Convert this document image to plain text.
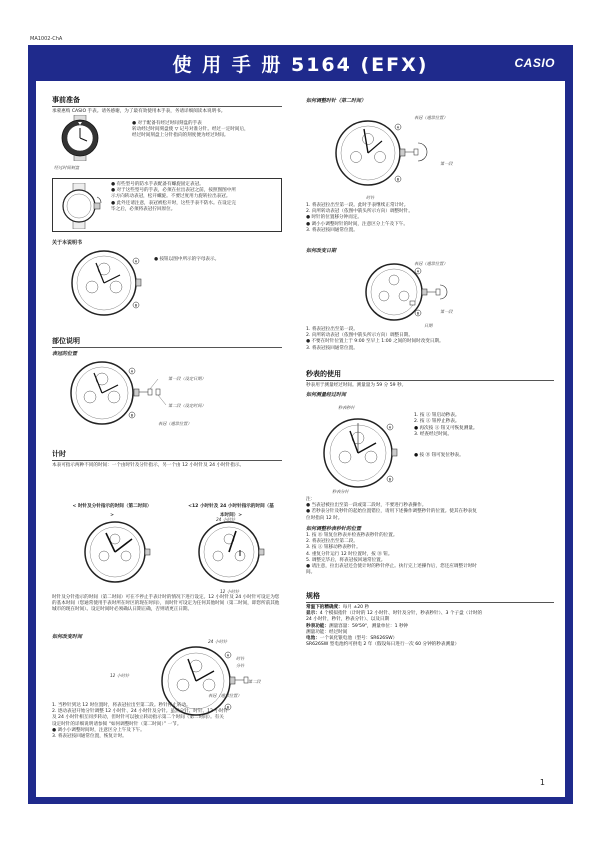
MA1002-ChA
使 用 手 册 5164 (EFX)	CASIO
事前准备
承蒙惠购 CASIO 手表。请务感谢，为了最有效使用本手表，务请详细阅读本说明书。
经过时间刻盘
● 对于配备有经过时间刻盘的手表
转动经过时间刻盘使 ▽ 记号对准分针。经过一定时间后，
经过时间刻盘上分针指向的刻度便为经过时间。
● 有些型号的防水手表配备有螺旋固定表冠。
● 对于这些型号的手表，必须在拉出表冠之前，按照图图中所
示方向转动表冠，松开螺旋。不要过度用力旋转拉出表冠。
● 此外还请注意，表冠被松开时，这些手表不防水。在设定完
毕之后，必须将表冠拧回原位。
关于本说明书
A
B
● 按钮以图中所示的字母表示。
部位说明
表冠的位置
A
B
第一段（设定日期）
第二段（设定时间）
表冠（通常位置）
计时
本表可指示两种不同的时间：一个由时针及分针指示，另一个由 12 小时针及 24 小时针指示。
< 时针及分针指示的时间（第二时间）>
<12 小时针及 24 小时针指示的时间（基本时间）>
24 小时针
12 小时针
时针及分针指示的时间（第二时间）可在不停止手表计时的情况下进行设定。12 小时针及 24 小时针可设定为您的基本时间（您通常使用手表时所在时区的现在时间），而时针可设定为任何其他时间（第二时间，即您所前其他城市的现在时间）。设定时间时必须确认日期正确，否则请更正日期。
如何改变时间
A
B
24 小时针
时针
分针
12 小时针
第二段
表冠（通常位置）
1. 当秒针到达 12 时位置时，将表冠拉出至第二段。秒针停止转动。
2. 逐动表冠开始分针调整 12 小时针、24 小时针及分针。虽然分针、时针、12 小时针
及 24 小时针相互同步转动，但时针可以独立转动指示第二个时间（第二时间）。有关
设定时针的详细说明请参阅 “如何调整时针（第二时间）” 一节。
● 调小小调整时间时，注意区分上午及下午。
3. 将表冠按回通常位置，恢复计时。
如何调整时针（第二时间）
A
B
表冠（通常位置）
第一段
时针
1. 将表冠拉出至第一段。此时手表继续正常计时。
2. 向所转动表冠（依图中箭头所示方向）调整时针。
● 时针的位置移分钟而定。
● 调小小调整时针的时间，注意区分上午及下午。
3. 将表冠按回通常位置。
如何改变日期
A
B
表冠（通常位置）
第一段
日期
1. 将表冠拉出至第一段。
2. 向所转动表冠（依图中箭头所示方向）调整日期。
● 不要在时针位置上于 9:00 至早上 1:00 之间的时间时改变日期。
3. 将表冠按回通常位置。
秒表的使用
秒表用于测量经过时间。测量量为 59 分 59 秒。
如何测量经过时间
秒表秒针
A
B
秒表分针
1. 按 Ⓐ 钮启动秒表。
2. 按 Ⓐ 钮停止秒表。
● 再次按 Ⓐ 钮又可恢复测量。
3. 经查经过时间。
● 按 Ⓑ 钮可复位秒表。
注：
● 当表冠被拉出至第一段或第二段时，不要进行秒表操作。
● 若秒表分针及秒针的起始位置错位，请用下述操作调整秒针的位置。使其在秒表复
位时指向 12 时。
如何调整秒表秒针的位置
1. 按 Ⓑ 钮复位秒表并检查秒表秒针的位置。
2. 将表冠拉出至第二段。
3. 按 Ⓐ 钮移动秒表秒针。
4. 重复分针运行 12 时位置时，按 Ⓑ 钮。
5. 调整完毕后，将表冠按回通常位置。
● 请注意，拉出表冠还会使计时的秒针停止。执行完上述操作后，您还应调整计时时
间。
规格
常温下的精确度：每月 ±20 秒
显示：4 个模拟指针（计时的 12 小时针、时针及分针，秒表秒针）、3 个子盘（计时的
24 小时针，秒针，秒表分针）、以及日期
秒表功能：测量容量：59'59"，测量单位：1 秒钟
测量功能：经过时间
电池：一个氧化银电池（型号：SR626SW）
SR626SW 型电池约可供电 2 年（假设每日进行一次 60 分钟的秒表测量）
1
